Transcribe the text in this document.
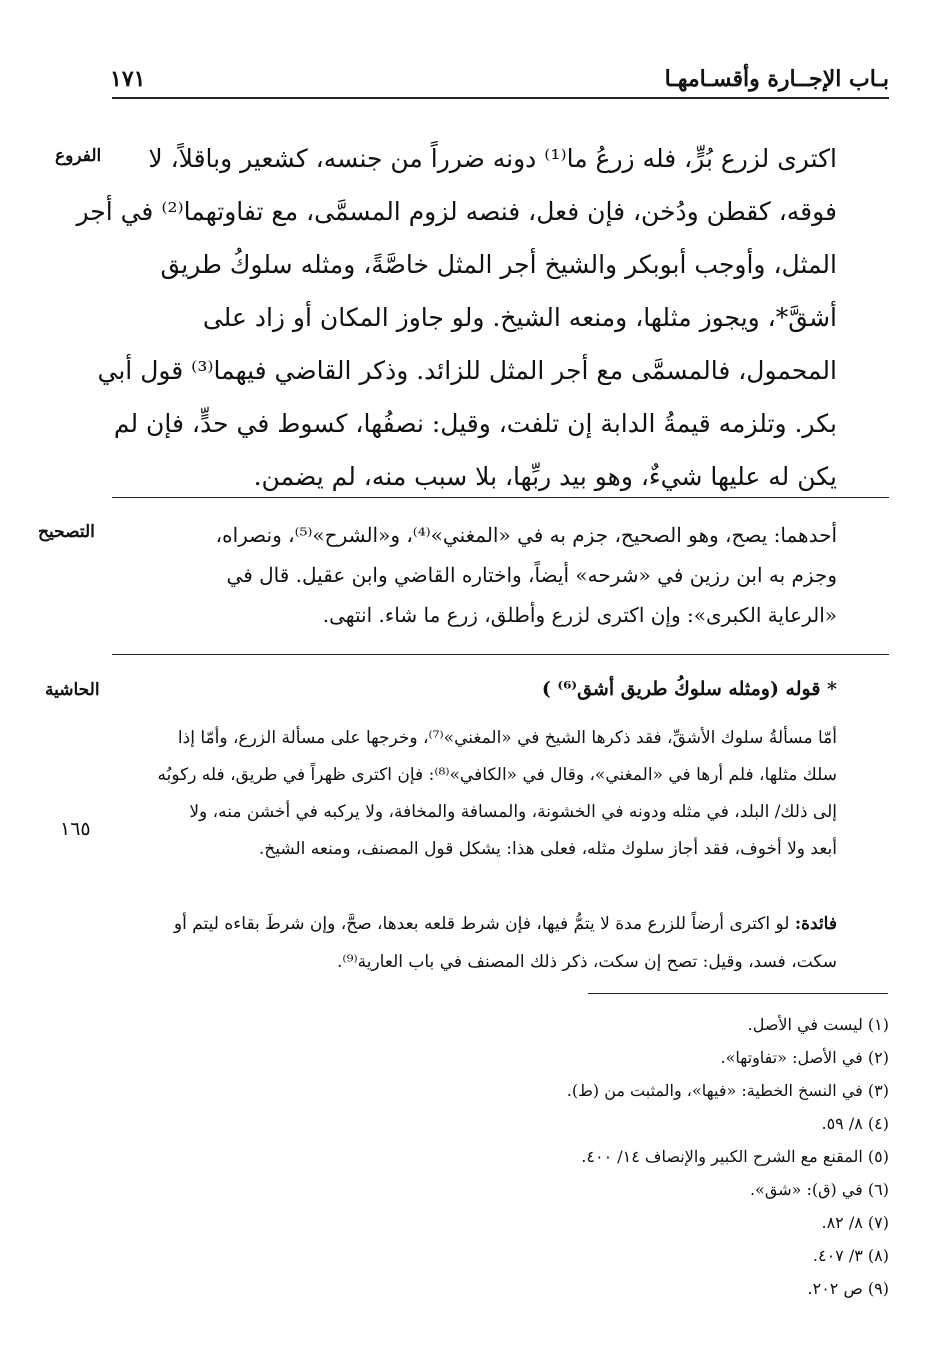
بـاب الإجــارة وأقسـامهـا
١٧١
الفروع	اكترى لزرع بُرٍّ، فله زرعُ ما⁽¹⁾ دونه ضرراً من جنسه، كشعير وباقلاً، لا
فوقه، كقطن ودُخن، فإن فعل، فنصه لزوم المسمَّى، مع تفاوتهما⁽²⁾ في أجر
المثل، وأوجب أبوبكر والشيخ أجر المثل خاصَّةً، ومثله سلوكُ طريق
أشقَّ*، ويجوز مثلها، ومنعه الشيخ. ولو جاوز المكان أو زاد على
المحمول، فالمسمَّى مع أجر المثل للزائد. وذكر القاضي فيهما⁽³⁾ قول أبي
بكر. وتلزمه قيمةُ الدابة إن تلفت، وقيل: نصفُها، كسوط في حدٍّ، فإن لم
يكن له عليها شيءٌ، وهو بيد ربِّها، بلا سبب منه، لم يضمن.
التصحيح	أحدهما: يصح، وهو الصحيح، جزم به في «المغني»⁽⁴⁾، و«الشرح»⁽⁵⁾، ونصراه،
وجزم به ابن رزين في «شرحه» أيضاً، واختاره القاضي وابن عقيل. قال في
«الرعاية الكبرى»: وإن اكترى لزرع وأطلق، زرع ما شاء. انتهى.
الحاشية	* قوله (ومثله سلوكُ طريق أشق⁽⁶⁾ )
أمّا مسألةُ سلوك الأشقِّ، فقد ذكرها الشيخ في «المغني»⁽⁷⁾، وخرجها على مسألة الزرع، وأمّا إذا
سلك مثلها، فلم أرها في «المغني»، وقال في «الكافي»⁽⁸⁾: فإن اكترى ظهراً في طريق، فله ركوبُه
إلى ذلك/ البلد، في مثله ودونه في الخشونة، والمسافة والمخافة، ولا يركبه في أخشن منه، ولا
أبعد ولا أخوف، فقد أجاز سلوك مثله، فعلى هذا: يشكل قول المصنف، ومنعه الشيخ.
١٦٥
فائدة: لو اكترى أرضاً للزرع مدة لا يتمُّ فيها، فإن شرط قلعه بعدها، صحَّ، وإن شرطَ بقاءه ليتم أو
سكت، فسد، وقيل: تصح إن سكت، ذكر ذلك المصنف في باب العارية⁽⁹⁾.
(١) ليست في الأصل.
(٢) في الأصل: «تفاوتها».
(٣) في النسخ الخطية: «فيها»، والمثبت من (ط).
(٤) ٨/ ٥٩.
(٥) المقنع مع الشرح الكبير والإنصاف ١٤/ ٤٠٠.
(٦) في (ق): «شق».
(٧) ٨/ ٨٢.
(٨) ٣/ ٤٠٧.
(٩) ص ٢٠٢.
